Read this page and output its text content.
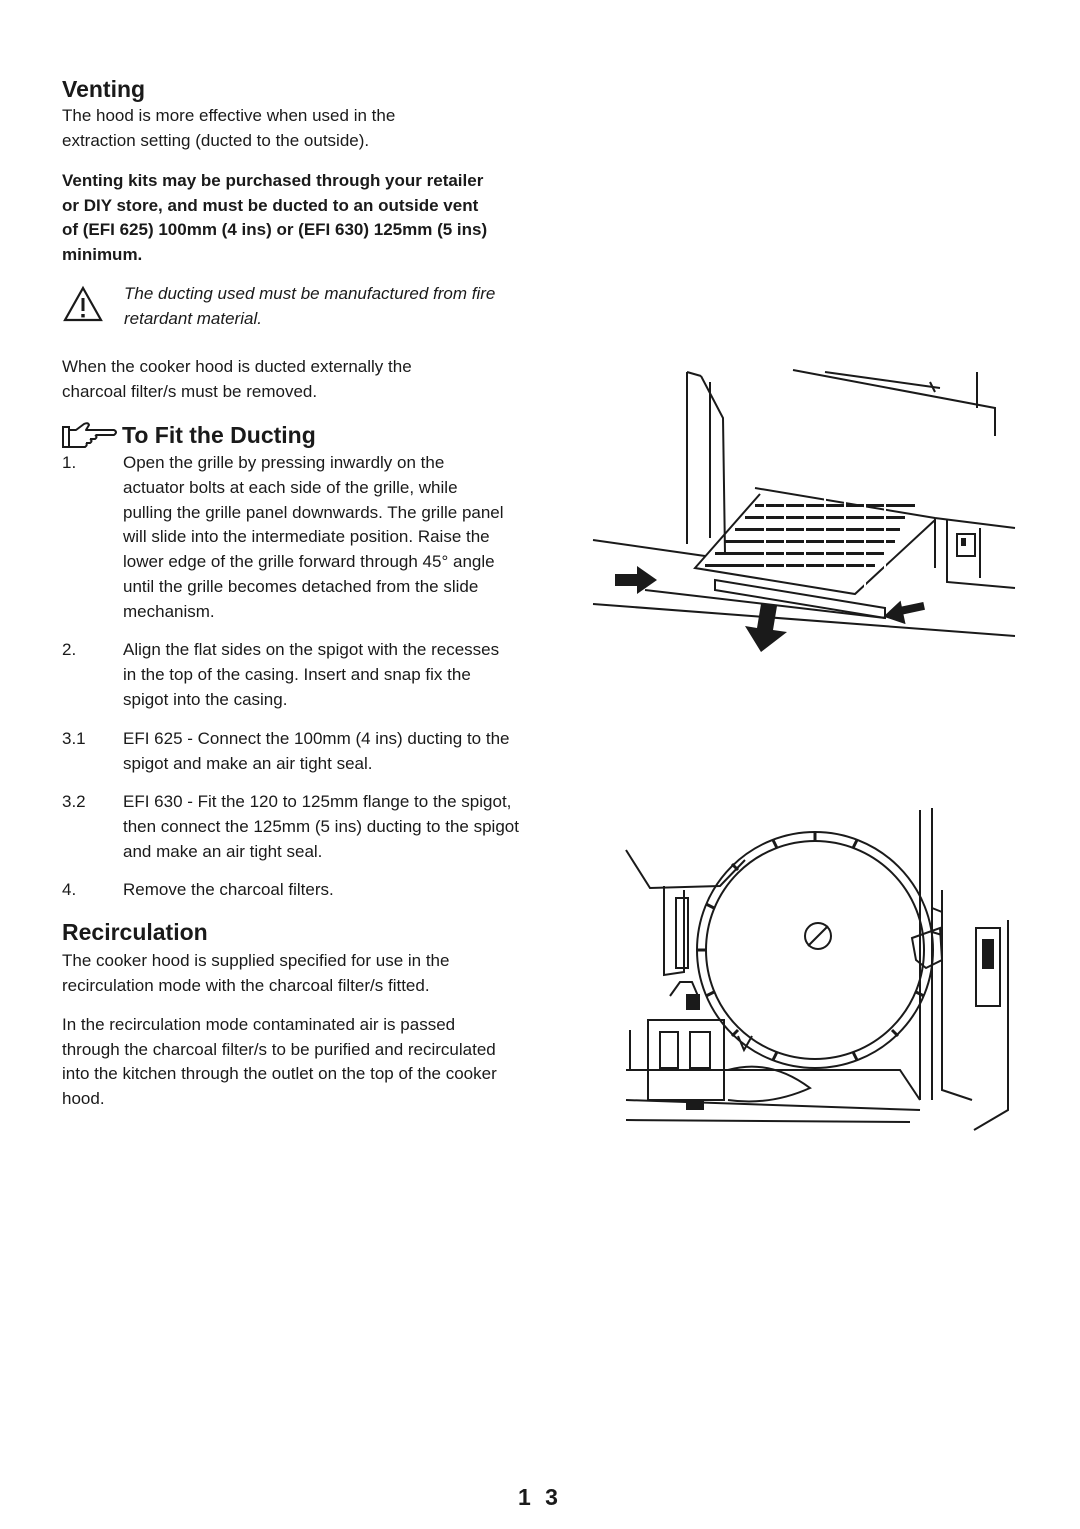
Venting

The hood is more effective when used in the extraction setting (ducted to the outside).

Venting kits may be purchased through your retailer or DIY store, and must be ducted to an outside vent of (EFI 625) 100mm (4 ins) or (EFI 630) 125mm (5 ins) minimum.

The ducting used must be manufactured from fire retardant material.

When the cooker hood is ducted externally the charcoal filter/s must be removed.

To Fit the Ducting
1.	Open the grille by pressing inwardly on the actuator bolts at each side of the grille, while pulling the grille panel downwards. The grille panel will slide into the intermediate position. Raise the lower edge of the grille forward through 45° angle until the grille becomes detached from the slide mechanism.
2.	Align the flat sides on the spigot with the recesses in the top of the casing. Insert and snap fix the spigot into the casing.
3.1 EFI 625 - Connect the 100mm (4 ins) ducting to the spigot and make an air tight seal.
3.2 EFI 630 - Fit the 120 to 125mm flange to the spigot, then connect the 125mm (5 ins) ducting to the spigot and make an air tight seal.
4.	Remove the charcoal filters.
Recirculation

The cooker hood is supplied specified for use in the recirculation mode with the charcoal filter/s fitted.

In the recirculation mode contaminated air is passed through the charcoal filter/s to be purified and recirculated into the kitchen through the outlet on the top of the cooker hood.

1 3
